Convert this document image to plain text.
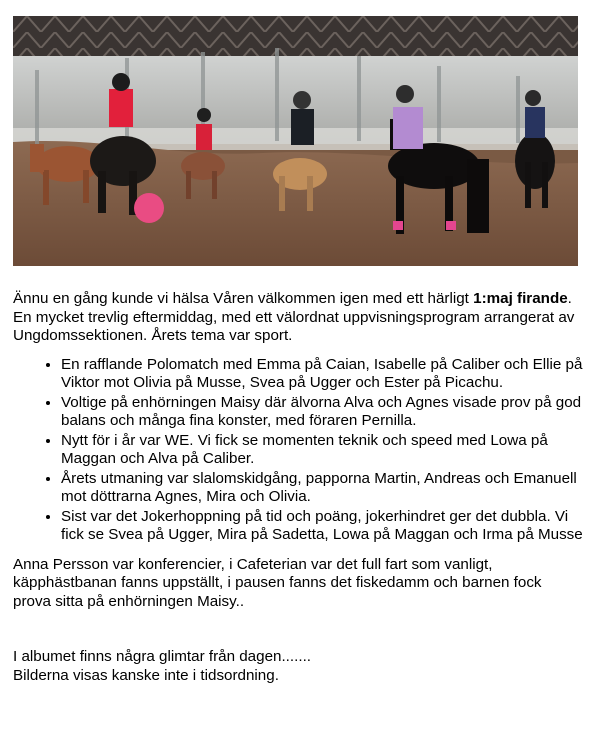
Ännu en gång kunde vi hälsa Våren välkommen igen med ett härligt 1:maj firande.
En mycket trevlig eftermiddag, med ett välordnat uppvisningsprogram arrangerat av Ungdomssektionen. Årets tema var sport.

• En rafflande Polomatch med Emma på Caian, Isabelle på Caliber och Ellie på Viktor mot Olivia på Musse, Svea på Ugger och Ester på Picachu.
• Voltige på enhörningen Maisy där älvorna Alva och Agnes visade prov på god balans och många fina konster, med föraren Pernilla.
• Nytt för i år var WE. Vi fick se momenten teknik och speed med Lowa på Maggan och Alva på Caliber.
• Årets utmaning var slalomskidgång, papporna Martin, Andreas och Emanuell mot döttrarna Agnes, Mira och Olivia.
• Sist var det Jokerhoppning på tid och poäng, jokerhindret ger det dubbla. Vi fick se Svea på Ugger, Mira på Sadetta, Lowa på Maggan och Irma på Musse

Anna Persson var konferencier, i Cafeterian var det full fart som vanligt, käpphästbanan fanns uppställt, i pausen fanns det fiskedamm och barnen fock prova sitta på enhörningen Maisy..

I albumet finns några glimtar från dagen.......
Bilderna visas kanske inte i tidsordning.
